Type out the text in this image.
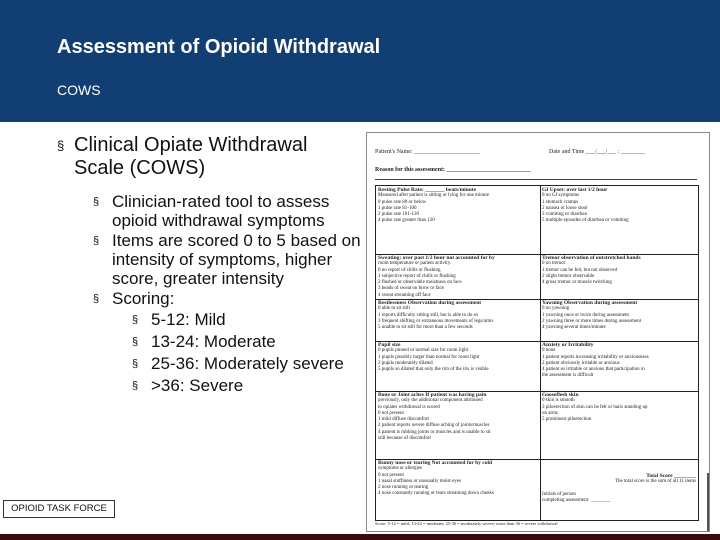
Assessment of Opioid Withdrawal
COWS
§ Clinical Opiate Withdrawal Scale (COWS)
§ Clinician-rated tool to assess opioid withdrawal symptoms
§ Items are scored 0 to 5 based on intensity of symptoms, higher score, greater intensity
§ Scoring:
§ 5-12: Mild
§ 13-24: Moderate
§ 25-36: Moderately severe
§ >36: Severe
Patient's Name: ______________________	Date and Time ___/___/___ : ________
Reason for this assessment: ____________________________
Resting Pulse Rate: _______ beats/minute
Measured after patient is sitting or lying for one minute
0 pulse rate 80 or below
1 pulse rate 81-100
2 pulse rate 101-120
4 pulse rate greater than 120
GI Upset: over last 1/2 hour
0 no GI symptoms
1 stomach cramps
2 nausea or loose stool
3 vomiting or diarrhea
5 multiple episodes of diarrhea or vomiting
Sweating: over past 1/2 hour not accounted for by
room temperature or patient activity.
0 no report of chills or flushing
1 subjective report of chills or flushing
2 flushed or observable moistness on face
3 beads of sweat on brow or face
4 sweat streaming off face
Tremor observation of outstretched hands
0 no tremor
1 tremor can be felt, but not observed
2 slight tremor observable
4 gross tremor or muscle twitching
Restlessness Observation during assessment
0 able to sit still
1 reports difficulty sitting still, but is able to do so
3 frequent shifting or extraneous movements of legs/arms
5 unable to sit still for more than a few seconds
Yawning Observation during assessment
0 no yawning
1 yawning once or twice during assessment
2 yawning three or more times during assessment
4 yawning several times/minute
Pupil size
0 pupils pinned or normal size for room light
1 pupils possibly larger than normal for room light
2 pupils moderately dilated
5 pupils so dilated that only the rim of the iris is visible
Anxiety or Irritability
0 none
1 patient reports increasing irritability or anxiousness
2 patient obviously irritable or anxious
4 patient so irritable or anxious that participation in
the assessment is difficult
Bone or Joint aches If patient was having pain
previously, only the additional component attributed
to opiates withdrawal is scored
0 not present
1 mild diffuse discomfort
2 patient reports severe diffuse aching of joints/muscles
4 patient is rubbing joints or muscles and is unable to sit
still because of discomfort
Gooseflesh skin
0 skin is smooth
3 piloerection of skin can be felt or hairs standing up
on arms
5 prominent piloerection
Runny nose or tearing Not accounted for by cold
symptoms or allergies
0 not present
1 nasal stuffiness or unusually moist eyes
2 nose running or tearing
4 nose constantly running or tears streaming down cheeks
Total Score ________
The total score is the sum of all 11 items
Initials of person
completing assessment: ________
Score: 5-12 = mild; 13-24 = moderate; 25-36 = moderately severe; more than 36 = severe withdrawal
OPIOID TASK FORCE
